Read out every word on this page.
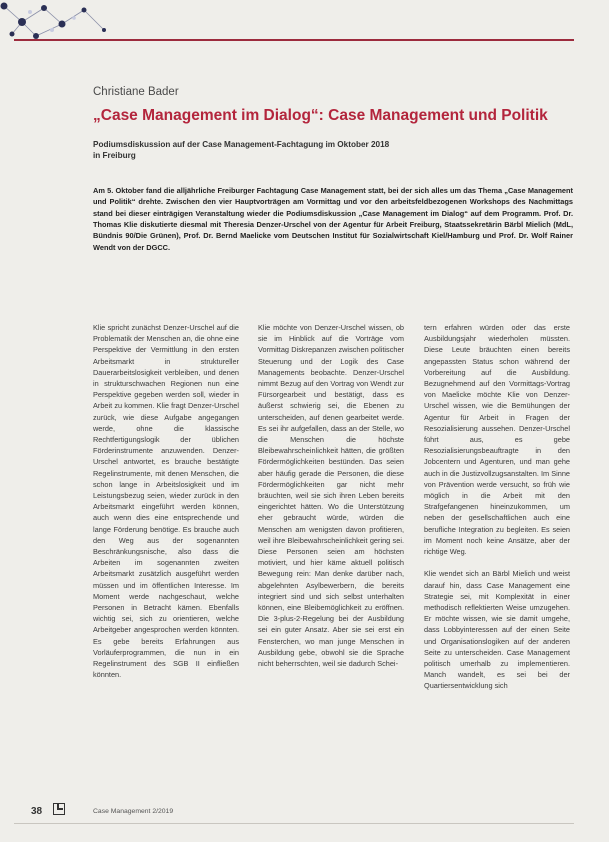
Christiane Bader
„Case Management im Dialog“: Case Management und Politik
Podiumsdiskussion auf der Case Management-Fachtagung im Oktober 2018 in Freiburg
Am 5. Oktober fand die alljährliche Freiburger Fachtagung Case Management statt, bei der sich alles um das Thema „Case Management und Politik“ drehte. Zwischen den vier Hauptvorträgen am Vormittag und vor den arbeitsfeldbezogenen Workshops des Nachmittags stand bei dieser einträgigen Veranstaltung wieder die Podiumsdiskussion „Case Management im Dialog“ auf dem Programm. Prof. Dr. Thomas Klie diskutierte diesmal mit Theresia Denzer-Urschel von der Agentur für Arbeit Freiburg, Staatssekretärin Bärbl Mielich (MdL, Bündnis 90/Die Grünen), Prof. Dr. Bernd Maelicke vom Deutschen Institut für Sozialwirtschaft Kiel/Hamburg und Prof. Dr. Wolf Rainer Wendt von der DGCC.

Klie spricht zunächst Denzer-Urschel auf die Problematik der Menschen an, die ohne eine Perspektive der Vermittlung in den ersten Arbeitsmarkt in struktureller Dauerarbeitslosigkeit verbleiben, und denen in strukturschwachen Regionen nun eine Perspektive gegeben werden soll, wieder in Arbeit zu kommen. Klie fragt Denzer-Urschel zurück, wie diese Aufgabe angegangen werde, ohne die klassische Rechtfertigungslogik der üblichen Förderinstrumente anzuwenden. Denzer-Urschel antwortet, es brauche bestätigte Regelinstrumente, mit denen Menschen, die schon lange in Arbeitslosigkeit und im Leistungsbezug seien, wieder zurück in den Arbeitsmarkt eingeführt werden können, auch wenn dies eine entsprechende und lange Förderung benötige. Es brauche auch den Weg aus der sogenannten Beschränkungsnische, also dass die Arbeiten im sogenannten zweiten Arbeitsmarkt zusätzlich ausgeführt werden müssen und im öffentlichen Interesse. Im Moment werde nachgeschaut, welche Personen in Betracht kämen. Ebenfalls wichtig sei, sich zu orientieren, welche Arbeitgeber angesprochen werden könnten. Es gebe bereits Erfahrungen aus Vorläuferprogrammen, die nun in ein Regelinstrument des SGB II einfließen könnten.

Klie möchte von Denzer-Urschel wissen, ob sie im Hinblick auf die Vorträge vom Vormittag Diskrepanzen zwischen politischer Steuerung und der Logik des Case Managements beobachte. Denzer-Urschel nimmt Bezug auf den Vortrag von Wendt zur Fürsorgearbeit und bestätigt, dass es äußerst schwierig sei, die Ebenen zu unterscheiden, auf denen gearbeitet werde. Es sei ihr aufgefallen, dass an der Stelle, wo die Menschen die höchste Bleibewahrscheinlichkeit hätten, die größten Fördermöglichkeiten bestünden. Das seien aber häufig gerade die Personen, die diese Fördermöglichkeiten gar nicht mehr bräuchten, weil sie sich ihren Leben bereits eingerichtet hätten. Wo die Unterstützung eher gebraucht würde, würden die Menschen am wenigsten davon profitieren, weil ihre Bleibewahrscheinlichkeit gering sei. Diese Personen seien am höchsten motiviert, und hier käme aktuell politisch Bewegung rein: Man denke darüber nach, abgelehnten Asylbewerbern, die bereits integriert sind und sich selbst unterhalten können, eine Bleibemöglichkeit zu eröffnen. Die 3-plus-2-Regelung bei der Ausbildung sei ein guter Ansatz. Aber sie sei erst ein Fensterchen, wo man junge Menschen in Ausbildung gebe, obwohl sie die Sprache nicht beherrschten, weil sie dadurch Schei-

tern erfahren würden oder das erste Ausbildungsjahr wiederholen müssten. Diese Leute bräuchten einen bereits angepassten Status schon während der Vorbereitung auf die Ausbildung. Bezugnehmend auf den Vormittags-Vortrag von Maelicke möchte Klie von Denzer-Urschel wissen, wie die Bemühungen der Agentur für Arbeit in Fragen der Resozialisierung aussehen. Denzer-Urschel führt aus, es gebe Resozialisierungsbeauftragte in den Jobcentern und Agenturen, und man gehe auch in die Justizvollzugsanstalten. Im Sinne von Prävention werde versucht, so früh wie möglich in die Arbeit mit den Strafgefangenen hineinzukommen, um neben der gesellschaftlichen auch eine berufliche Integration zu begleiten. Es seien im Moment noch keine Ansätze, aber der richtige Weg.

Klie wendet sich an Bärbl Mielich und weist darauf hin, dass Case Management eine Strategie sei, mit Komplexität in einer methodisch reflektierten Weise umzugehen. Er möchte wissen, wie sie damit umgehe, dass Lobbyinteressen auf der einen Seite und Organisationslogiken auf der anderen Seite zu unterscheiden. Case Management politisch umerhalb zu implementieren. Manch wandelt, es sei bei der Quartiersentwicklung sich

38	Case Management 2/2019
